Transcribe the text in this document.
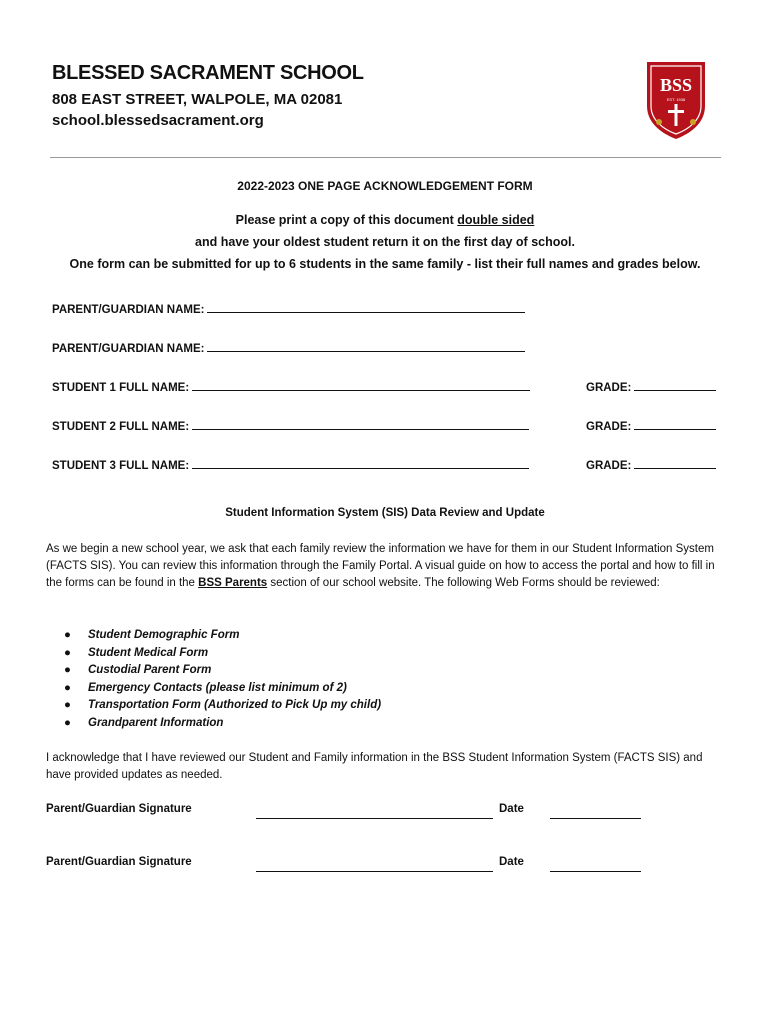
BLESSED SACRAMENT SCHOOL
808 EAST STREET, WALPOLE, MA 02081
school.blessedsacrament.org
BSS
EST. 1938
2022-2023 ONE PAGE ACKNOWLEDGEMENT FORM
Please print a copy of this document double sided
and have your oldest student return it on the first day of school.
One form can be submitted for up to 6 students in the same family - list their full names and grades below.
PARENT/GUARDIAN NAME:
PARENT/GUARDIAN NAME:
STUDENT 1 FULL NAME:	GRADE:
STUDENT 2 FULL NAME:	GRADE:
STUDENT 3 FULL NAME:	GRADE:
Student Information System (SIS) Data Review and Update
As we begin a new school year, we ask that each family review the information we have for them in our Student Information System (FACTS SIS). You can review this information through the Family Portal. A visual guide on how to access the portal and how to fill in the forms can be found in the BSS Parents section of our school website. The following Web Forms should be reviewed:
● Student Demographic Form
● Student Medical Form
● Custodial Parent Form
● Emergency Contacts (please list minimum of 2)
● Transportation Form (Authorized to Pick Up my child)
● Grandparent Information
I acknowledge that I have reviewed our Student and Family information in the BSS Student Information System (FACTS SIS) and have provided updates as needed.
Parent/Guardian Signature	Date
Parent/Guardian Signature	Date
